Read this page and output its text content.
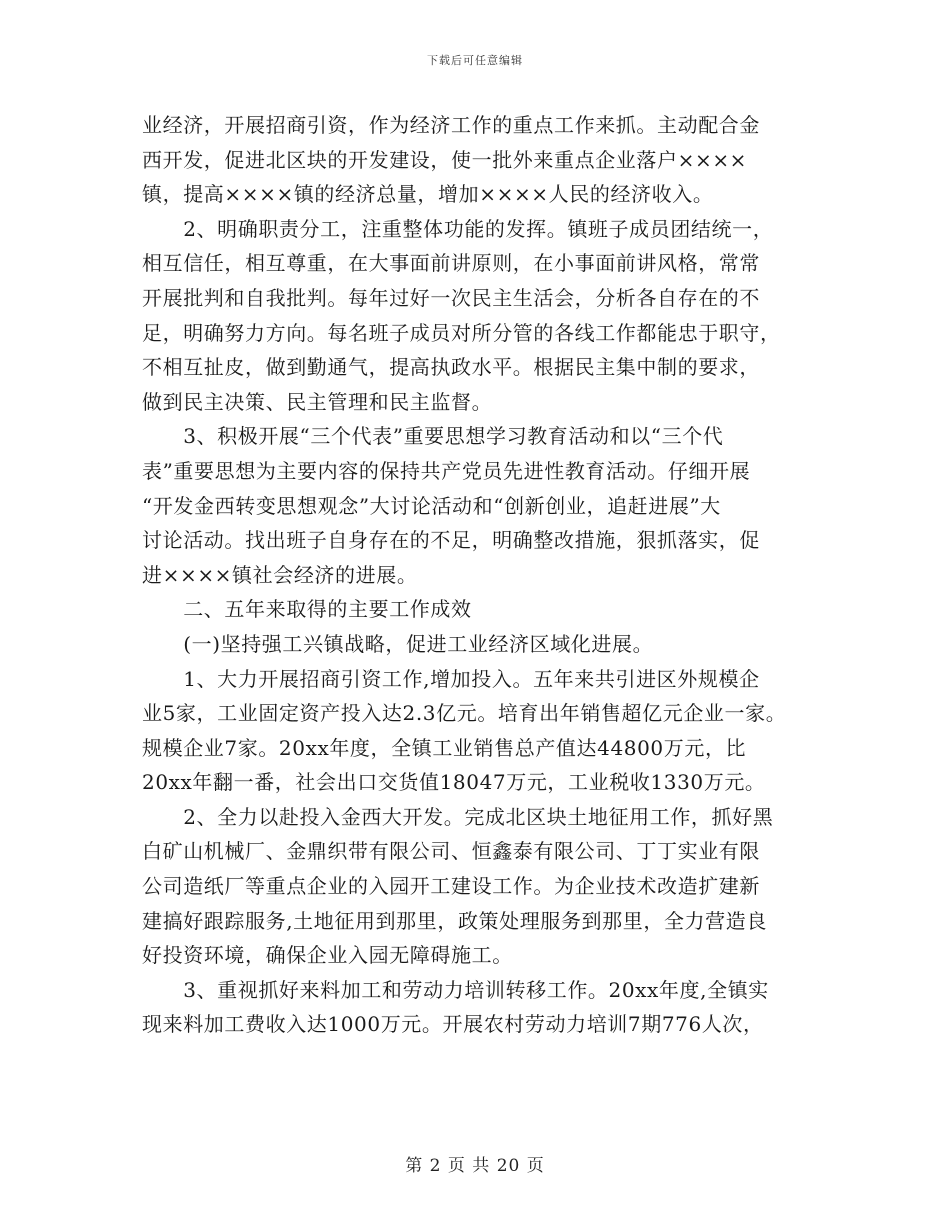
下载后可任意编辑
业经济，开展招商引资，作为经济工作的重点工作来抓。主动配合金
西开发，促进北区块的开发建设，使一批外来重点企业落户××××
镇，提高××××镇的经济总量，增加××××人民的经济收入。
　　2、明确职责分工，注重整体功能的发挥。镇班子成员团结统一，
相互信任，相互尊重，在大事面前讲原则，在小事面前讲风格，常常
开展批判和自我批判。每年过好一次民主生活会，分析各自存在的不
足，明确努力方向。每名班子成员对所分管的各线工作都能忠于职守，
不相互扯皮，做到勤通气，提高执政水平。根据民主集中制的要求，
做到民主决策、民主管理和民主监督。
　　3、积极开展“三个代表”重要思想学习教育活动和以“三个代
表”重要思想为主要内容的保持共产党员先进性教育活动。仔细开展
“开发金西转变思想观念”大讨论活动和“创新创业，追赶进展”大
讨论活动。找出班子自身存在的不足，明确整改措施，狠抓落实，促
进××××镇社会经济的进展。
　　二、五年来取得的主要工作成效
　　(一)坚持强工兴镇战略，促进工业经济区域化进展。
　　1、大力开展招商引资工作,增加投入。五年来共引进区外规模企
业5家，工业固定资产投入达2.3亿元。培育出年销售超亿元企业一家。
规模企业7家。20xx年度，全镇工业销售总产值达44800万元，比
20xx年翻一番，社会出口交货值18047万元，工业税收1330万元。
　　2、全力以赴投入金西大开发。完成北区块土地征用工作，抓好黑
白矿山机械厂、金鼎织带有限公司、恒鑫泰有限公司、丁丁实业有限
公司造纸厂等重点企业的入园开工建设工作。为企业技术改造扩建新
建搞好跟踪服务,土地征用到那里，政策处理服务到那里，全力营造良
好投资环境，确保企业入园无障碍施工。
　　3、重视抓好来料加工和劳动力培训转移工作。20xx年度,全镇实
现来料加工费收入达1000万元。开展农村劳动力培训7期776人次，
第 2 页 共 20 页
